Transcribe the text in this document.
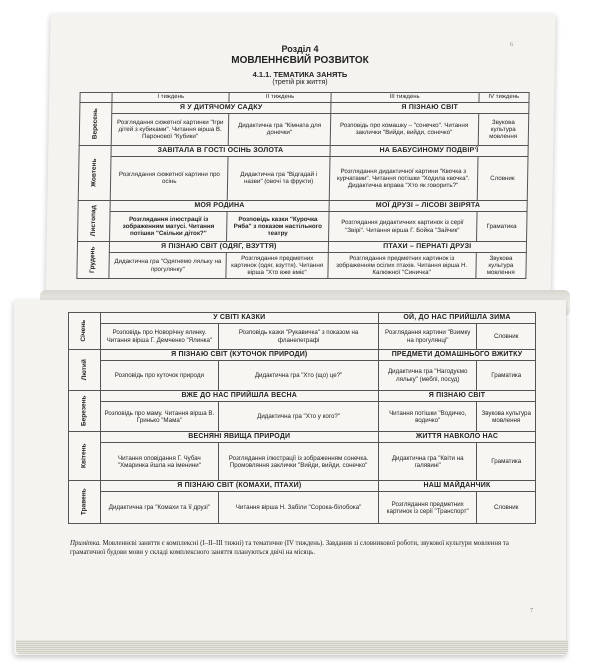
Розділ 4
МОВЛЕННЄВИЙ РОЗВИТОК
4.1.1. ТЕМАТИКА ЗАНЯТЬ
(третій рік життя)
6
	I тиждень	II тиждень	III тиждень	IV тиждень
Вересень	Я У ДИТЯЧОМУ САДКУ		Я ПІЗНАЮ СВІТ	
	Розглядання сюжетної картинки "Ігри дітей з кубиками". Читання вірша В. Паронової "Кубики"	Дидактична гра "Кімната для донечки"	Розповідь про комашку – "сонечко". Читання заклички "Вийди, вийди, сонечко"	Звукова культура мовлення
Жовтень	ЗАВІТАЛА В ГОСТІ ОСІНЬ ЗОЛОТА		НА БАБУСИНОМУ ПОДВІР'Ї	
	Розглядання сюжетної картини про осінь	Дидактична гра "Відгадай і назви" (овочі та фрукти)	Розглядання дидактичної картини "Квочка з курчатами". Читання потішки "Ходила квочка". Дидактична вправа "Хто як говорить?"	Словник
Листопад	МОЯ РОДИНА		МОЇ ДРУЗІ – ЛІСОВІ ЗВІРЯТА	
	Розглядання ілюстрації із зображенням матусі. Читання потішки "Скільки діток?"	Розповідь казки "Курочка Ряба" з показом настільного театру	Розглядання дидактичних картинок із серії "Звірі". Читання вірша Г. Бойка "Зайчик"	Граматика
Грудень	Я ПІЗНАЮ СВІТ (ОДЯГ, ВЗУТТЯ)		ПТАХИ – ПЕРНАТІ ДРУЗІ	
	Дидактична гра "Одягнемо ляльку на прогулянку"	Розглядання предметних картинок (одяг, взуття). Читання вірша "Хто вже вміє"	Розглядання предметних картинок із зображенням осілих птахів. Читання вірша Н. Калюжної "Синичка"	Звукова культура мовлення
Січень	У СВІТІ КАЗКИ		ОЙ, ДО НАС ПРИЙШЛА ЗИМА	
	Розповідь про Новорічну ялинку. Читання вірша Г. Демченко "Ялинка"	Розповідь казки "Рукавичка" з показом на фланелеграфі	Розглядання картини "Взимку на прогулянці"	Словник
Лютий	Я ПІЗНАЮ СВІТ (КУТОЧОК ПРИРОДИ)		ПРЕДМЕТИ ДОМАШНЬОГО ВЖИТКУ	
	Розповідь про куточок природи	Дидактична гра "Хто (що) це?"	Дидактична гра "Нагодуємо ляльку" (меблі, посуд)	Граматика
Березень	ВЖЕ ДО НАС ПРИЙШЛА ВЕСНА		Я ПІЗНАЮ СВІТ	
	Розповідь про маму. Читання вірша В. Гринько "Мама"	Дидактична гра "Хто у кого?"	Читання потішки "Водичко, водичко"	Звукова культура мовлення
Квітень	ВЕСНЯНІ ЯВИЩА ПРИРОДИ		ЖИТТЯ НАВКОЛО НАС	
	Читання оповідання Г. Чубач "Хмаринка йшла на іменини"	Розглядання ілюстрації із зображенням сонечка. Промовляння заклички "Вийди, вийди, сонечко"	Дидактична гра "Квіти на галявині"	Граматика
Травень	Я ПІЗНАЮ СВІТ (КОМАХИ, ПТАХИ)		НАШ МАЙДАНЧИК	
	Дидактична гра "Комахи та її друзі"	Читання вірша Н. Забіли "Сорока-білобока"	Розглядання предметних картинок із серії "Транспорт"	Словник
Примітка. Мовленнєві заняття є комплексні (I–II–III тижні) та тематичне (IV тиждень). Завдання зі словникової роботи, звукової культури мовлення та граматичної будови мови у складі комплексного заняття плануються двічі на місяць.
7
